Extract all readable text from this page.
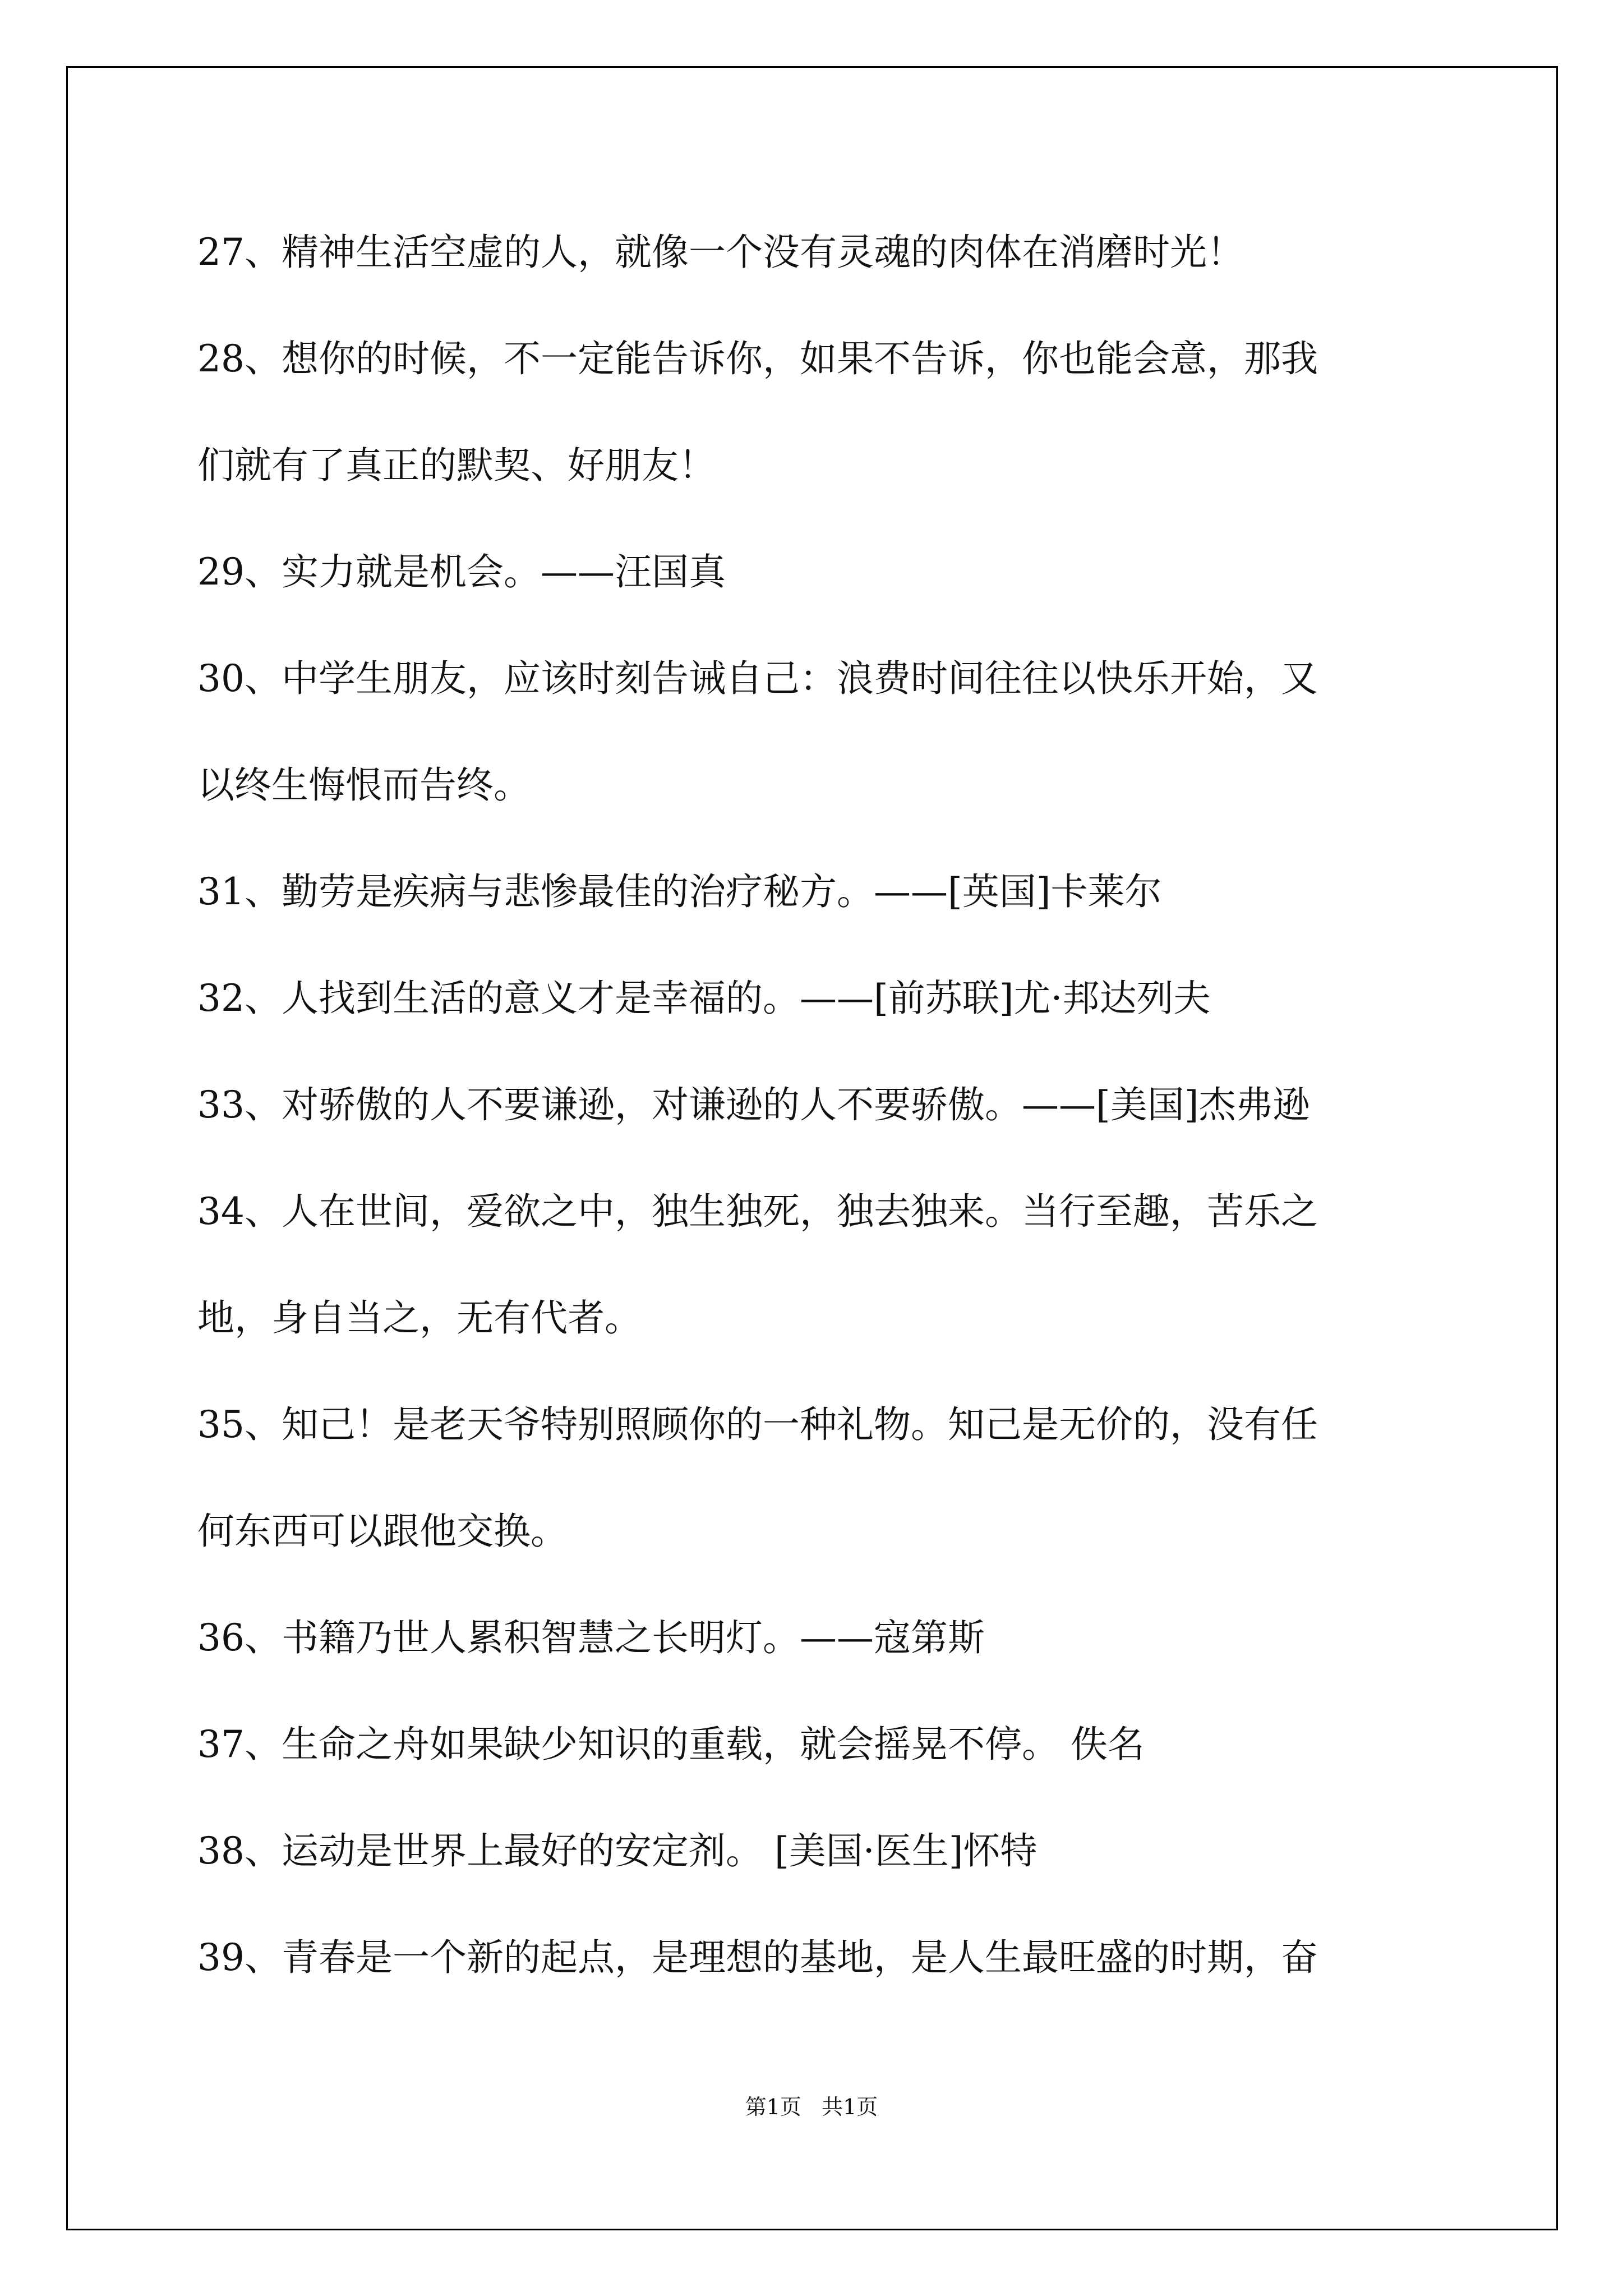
27、精神生活空虚的人，就像一个没有灵魂的肉体在消磨时光！
28、想你的时候，不一定能告诉你，如果不告诉，你也能会意，那我
们就有了真正的默契、好朋友！
29、实力就是机会。——汪国真
30、中学生朋友，应该时刻告诫自己：浪费时间往往以快乐开始，又
以终生悔恨而告终。
31、勤劳是疾病与悲惨最佳的治疗秘方。——[英国]卡莱尔
32、人找到生活的意义才是幸福的。——[前苏联]尤·邦达列夫
33、对骄傲的人不要谦逊，对谦逊的人不要骄傲。——[美国]杰弗逊
34、人在世间，爱欲之中，独生独死，独去独来。当行至趣，苦乐之
地，身自当之，无有代者。
35、知己！是老天爷特别照顾你的一种礼物。知己是无价的，没有任
何东西可以跟他交换。
36、书籍乃世人累积智慧之长明灯。——寇第斯
37、生命之舟如果缺少知识的重载，就会摇晃不停。 佚名
38、运动是世界上最好的安定剂。 [美国·医生]怀特
39、青春是一个新的起点，是理想的基地，是人生最旺盛的时期，奋
第1页   共1页
